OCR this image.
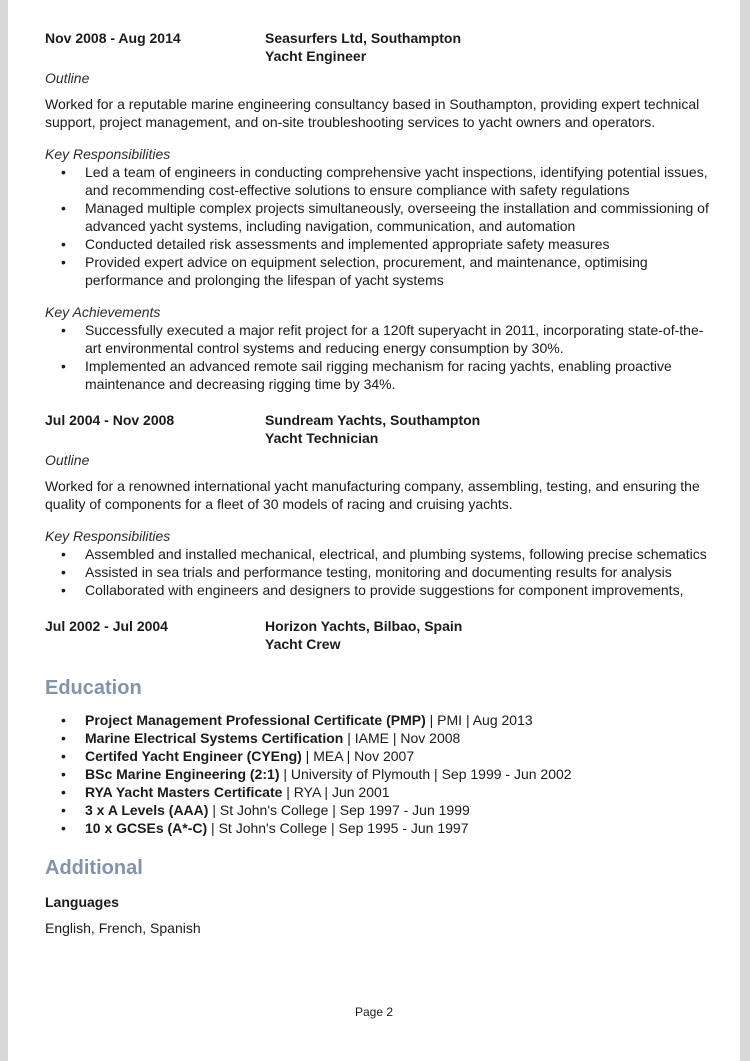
Nov 2008 - Aug 2014	Seasurfers Ltd, Southampton
Yacht Engineer
Outline

Worked for a reputable marine engineering consultancy based in Southampton, providing expert technical support, project management, and on-site troubleshooting services to yacht owners and operators.

Key Responsibilities
• Led a team of engineers in conducting comprehensive yacht inspections, identifying potential issues, and recommending cost-effective solutions to ensure compliance with safety regulations
• Managed multiple complex projects simultaneously, overseeing the installation and commissioning of advanced yacht systems, including navigation, communication, and automation
• Conducted detailed risk assessments and implemented appropriate safety measures
• Provided expert advice on equipment selection, procurement, and maintenance, optimising performance and prolonging the lifespan of yacht systems
Key Achievements
• Successfully executed a major refit project for a 120ft superyacht in 2011, incorporating state-of-the-art environmental control systems and reducing energy consumption by 30%.
• Implemented an advanced remote sail rigging mechanism for racing yachts, enabling proactive maintenance and decreasing rigging time by 34%.
Jul 2004 - Nov 2008	Sundream Yachts, Southampton
Yacht Technician
Outline

Worked for a renowned international yacht manufacturing company, assembling, testing, and ensuring the quality of components for a fleet of 30 models of racing and cruising yachts.

Key Responsibilities
• Assembled and installed mechanical, electrical, and plumbing systems, following precise schematics
• Assisted in sea trials and performance testing, monitoring and documenting results for analysis
• Collaborated with engineers and designers to provide suggestions for component improvements,
Jul 2002 - Jul 2004	Horizon Yachts, Bilbao, Spain
Yacht Crew
Education
• Project Management Professional Certificate (PMP) | PMI | Aug 2013
• Marine Electrical Systems Certification | IAME | Nov 2008
• Certifed Yacht Engineer (CYEng) | MEA | Nov 2007
• BSc Marine Engineering (2:1) | University of Plymouth | Sep 1999 - Jun 2002
• RYA Yacht Masters Certificate | RYA | Jun 2001
• 3 x A Levels (AAA) | St John's College | Sep 1997 - Jun 1999
• 10 x GCSEs (A*-C) | St John's College | Sep 1995 - Jun 1997
Additional
Languages
English, French, Spanish
Page 2
